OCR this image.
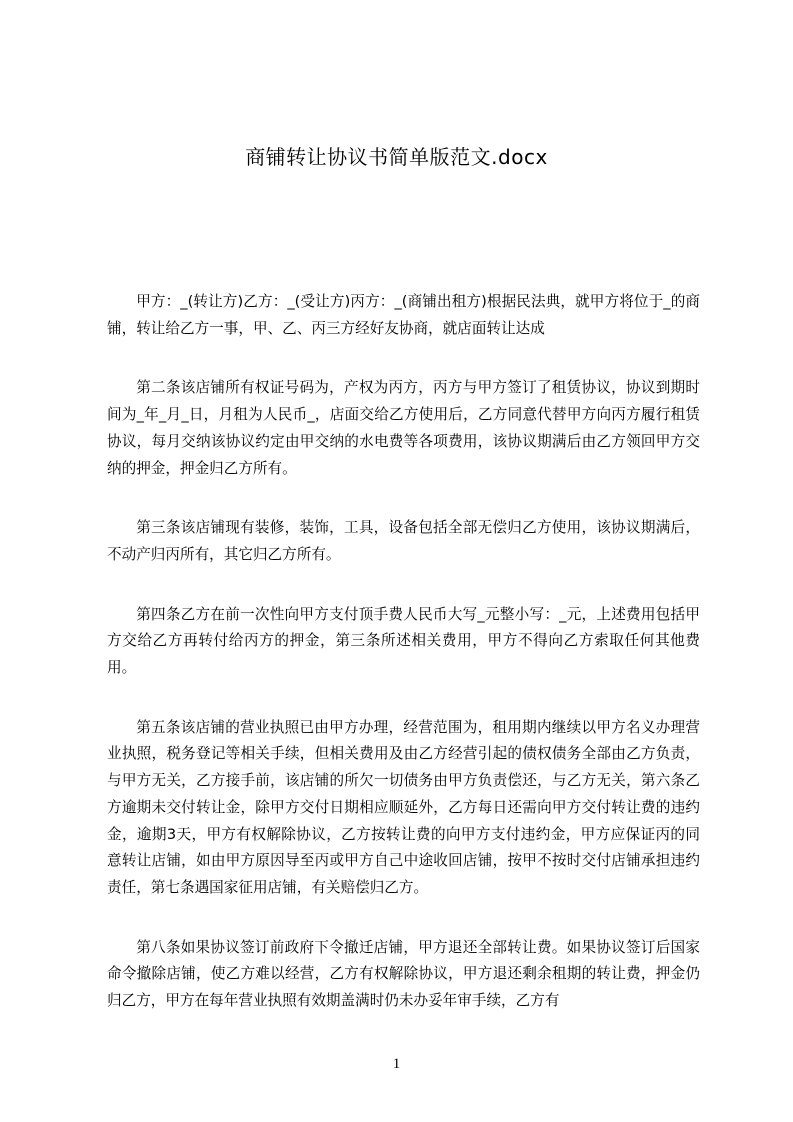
商铺转让协议书简单版范文.docx

甲方：_(转让方)乙方：_(受让方)丙方：_(商铺出租方)根据民法典，就甲方将位于_的商铺，转让给乙方一事，甲、乙、丙三方经好友协商，就店面转让达成

第二条该店铺所有权证号码为，产权为丙方，丙方与甲方签订了租赁协议，协议到期时间为_年_月_日，月租为人民币_，店面交给乙方使用后，乙方同意代替甲方向丙方履行租赁协议，每月交纳该协议约定由甲交纳的水电费等各项费用，该协议期满后由乙方领回甲方交纳的押金，押金归乙方所有。

第三条该店铺现有装修，装饰，工具，设备包括全部无偿归乙方使用，该协议期满后，不动产归丙所有，其它归乙方所有。

第四条乙方在前一次性向甲方支付顶手费人民币大写_元整小写：_元，上述费用包括甲方交给乙方再转付给丙方的押金，第三条所述相关费用，甲方不得向乙方索取任何其他费用。

第五条该店铺的营业执照已由甲方办理，经营范围为，租用期内继续以甲方名义办理营业执照，税务登记等相关手续，但相关费用及由乙方经营引起的债权债务全部由乙方负责，与甲方无关，乙方接手前，该店铺的所欠一切债务由甲方负责偿还，与乙方无关，第六条乙方逾期未交付转让金，除甲方交付日期相应顺延外，乙方每日还需向甲方交付转让费的违约金，逾期3天，甲方有权解除协议，乙方按转让费的向甲方支付违约金，甲方应保证丙的同意转让店铺，如由甲方原因导至丙或甲方自己中途收回店铺，按甲不按时交付店铺承担违约责任，第七条遇国家征用店铺，有关赔偿归乙方。

第八条如果协议签订前政府下令撤迁店铺，甲方退还全部转让费。如果协议签订后国家命令撤除店铺，使乙方难以经营，乙方有权解除协议，甲方退还剩余租期的转让费，押金仍归乙方，甲方在每年营业执照有效期盖满时仍未办妥年审手续，乙方有

1
